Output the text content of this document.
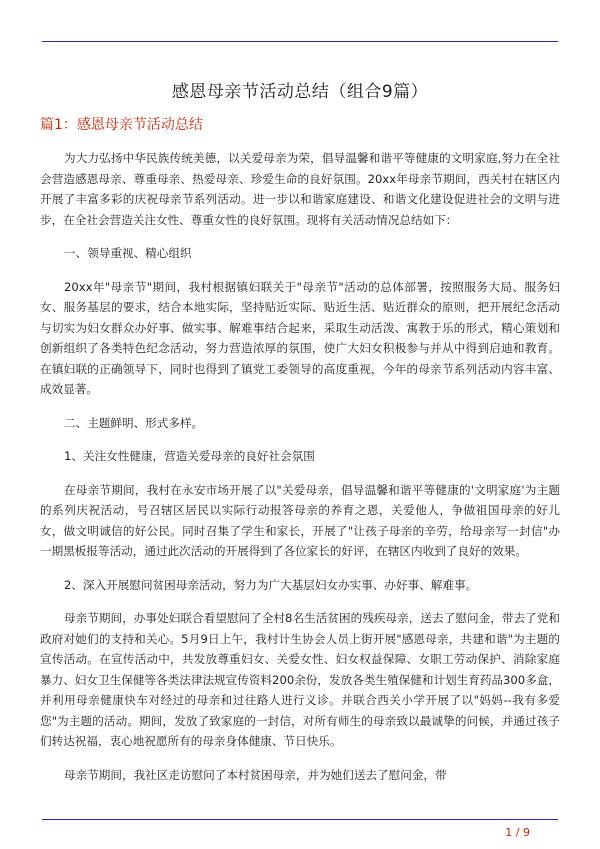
感恩母亲节活动总结（组合9篇）
篇1：感恩母亲节活动总结

为大力弘扬中华民族传统美德，以关爱母亲为荣，倡导温馨和谐平等健康的文明家庭,努力在全社会营造感恩母亲、尊重母亲、热爱母亲、珍爱生命的良好氛围。20xx年母亲节期间，西关村在辖区内开展了丰富多彩的庆祝母亲节系列活动。进一步以和谐家庭建设、和谐文化建设促进社会的文明与进步，在全社会营造关注女性、尊重女性的良好氛围。现将有关活动情况总结如下：

一、领导重视、精心组织

20xx年"母亲节"期间，我村根据镇妇联关于"母亲节"活动的总体部署，按照服务大局、服务妇女、服务基层的要求，结合本地实际，坚持贴近实际、贴近生活、贴近群众的原则，把开展纪念活动与切实为妇女群众办好事、做实事、解难事结合起来，采取生动活泼、寓教于乐的形式，精心策划和创新组织了各类特色纪念活动，努力营造浓厚的氛围，使广大妇女积极参与并从中得到启迪和教育。在镇妇联的正确领导下，同时也得到了镇党工委领导的高度重视，今年的母亲节系列活动内容丰富、成效显著。

二、主题鲜明、形式多样。

1、关注女性健康，营造关爱母亲的良好社会氛围

在母亲节期间，我村在永安市场开展了以"关爱母亲，倡导温馨和谐平等健康的'文明家庭'为主题的系列庆祝活动，号召辖区居民以实际行动报答母亲的养育之恩，关爱他人，争做祖国母亲的好儿女，做文明诚信的好公民。同时召集了学生和家长，开展了"让孩子母亲的辛劳，给母亲写一封信"办一期黑板报等活动，通过此次活动的开展得到了各位家长的好评，在辖区内收到了良好的效果。

2、深入开展慰问贫困母亲活动，努力为广大基层妇女办实事、办好事、解难事。

母亲节期间，办事处妇联合看望慰问了全村8名生活贫困的残疾母亲，送去了慰问金，带去了党和政府对她们的支持和关心。5月9日上午，我村计生协会人员上街开展"感恩母亲，共建和谐"为主题的宣传活动。在宣传活动中，共发放尊重妇女、关爱女性、妇女权益保障、女职工劳动保护、消除家庭暴力、妇女卫生保健等各类法律法规宣传资料200余份，发放各类生殖保健和计划生育药品300多盒，并利用母亲健康快车对经过的母亲和过往路人进行义诊。并联合西关小学开展了以"妈妈--我有多爱您"为主题的活动。期间，发放了致家庭的一封信，对所有师生的母亲致以最诚挚的问候，并通过孩子们转达祝福，衷心地祝愿所有的母亲身体健康、节日快乐。

母亲节期间，我社区走访慰问了本村贫困母亲，并为她们送去了慰问金，带

1 / 9
